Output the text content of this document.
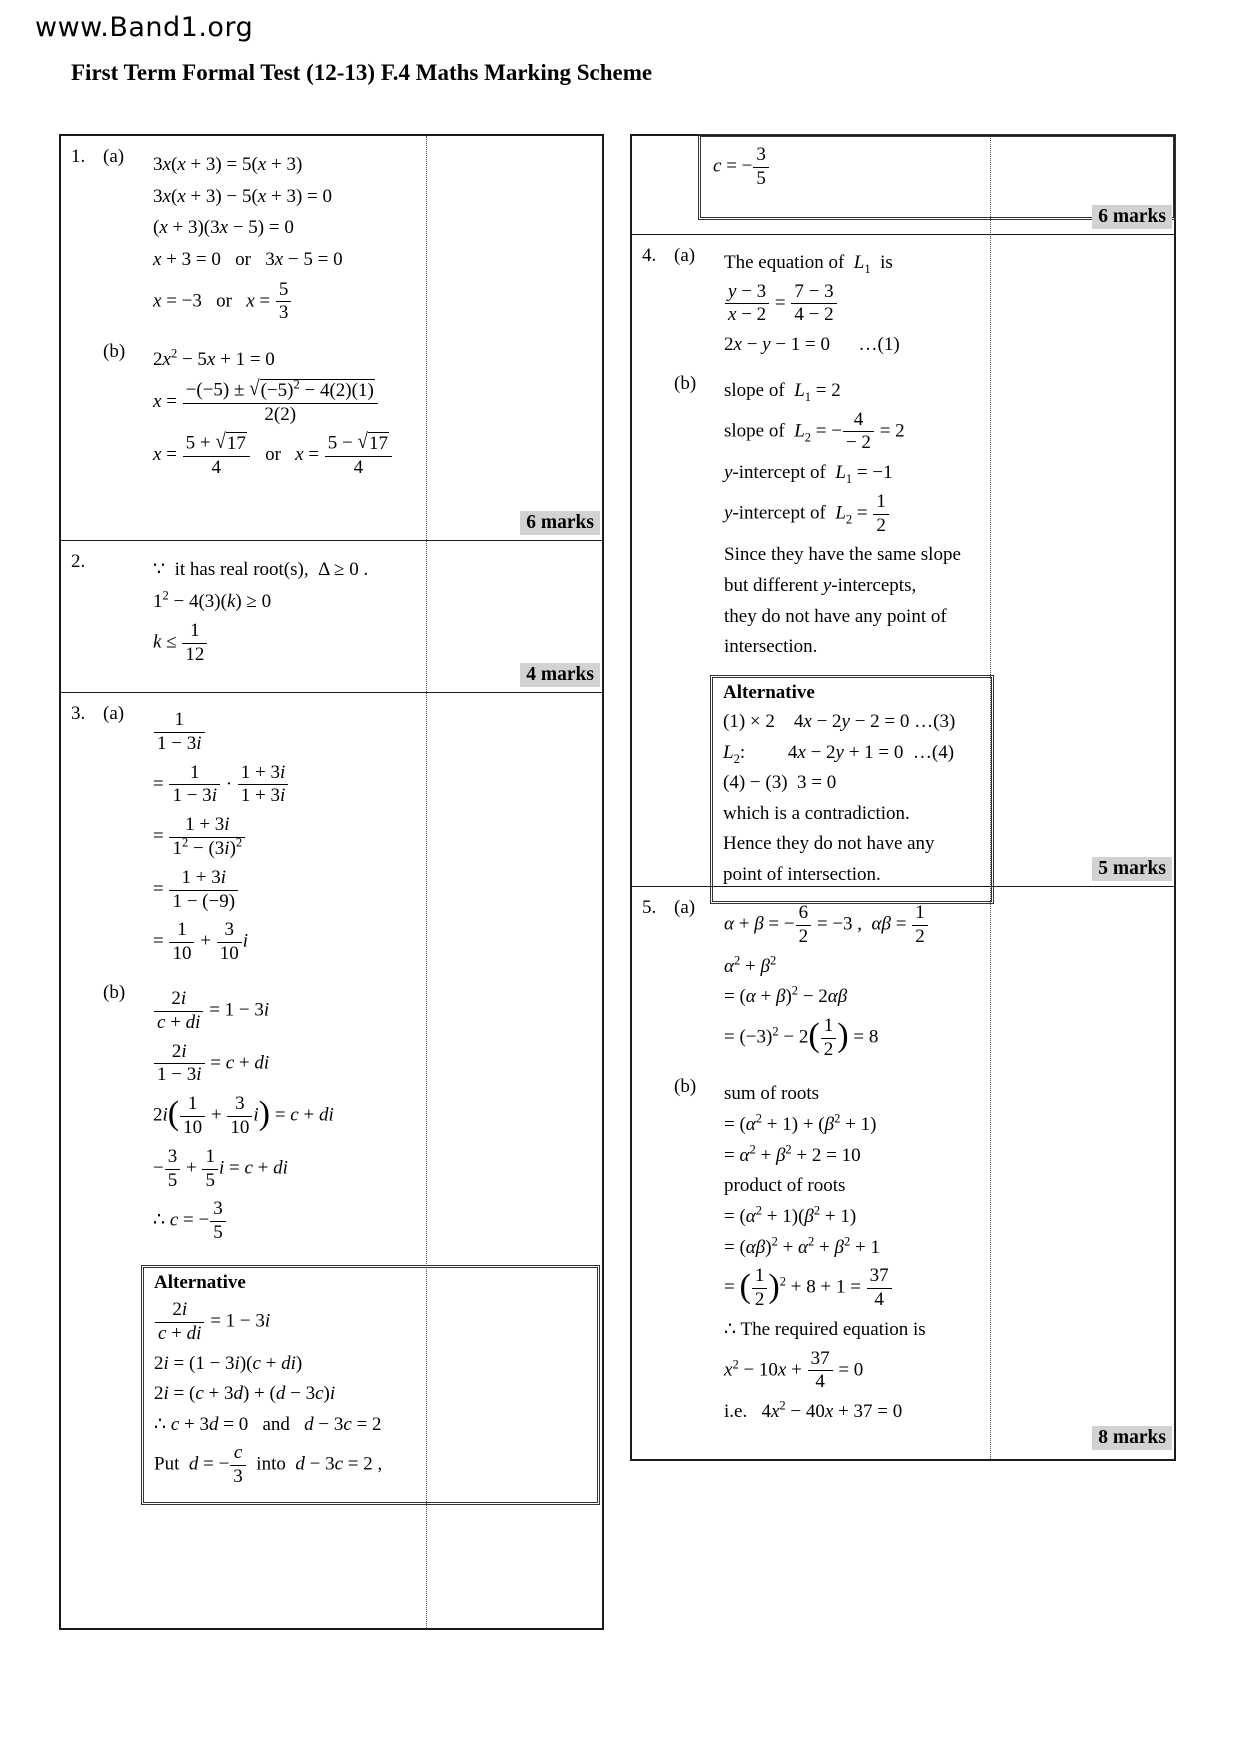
www.Band1.org
First Term Formal Test (12-13) F.4 Maths Marking Scheme
1. (a)	3x(x + 3) = 5(x + 3)
3x(x + 3) − 5(x + 3) = 0
(x + 3)(3x − 5) = 0
x + 3 = 0   or   3x − 5 = 0
x = −3   or   $x = \frac{5}{3}$
(b)	$2x^2 - 5x + 1 = 0$
$x = \frac{-(-5) \pm √(-5)^2 - 4(2)(1)}{2(2)}$
$x = \frac{5 + √17}{4}$ or   $x = \frac{5 - √17}{4}$
6 marks
2.	∵  it has real root(s),  Δ ≥ 0 .
$1^2 - 4(3)(k) \ge 0$
$k \le \frac{1}{12}$
4 marks
3. (a)	$\frac{1}{1 - 3i}$
= $\frac{1}{1 - 3i} \cdot \frac{1 + 3i}{1 + 3i}$
= $\frac{1 + 3i}{1^2 - (3i)^2}$
= $\frac{1 + 3i}{1 - (-9)}$
= $\frac{1}{10} + \frac{3}{10}$ i
(b)	$\frac{2i}{c + di} = 1 - 3i$
$\frac{2i}{1 - 3i} = c$ + di
$2i( \frac{1}{10} + \frac{3}{10} i) = c$ + di
− $\frac{3}{5} + \frac{1}{5}$ i = c + di
∴ c = − $\frac{3}{5}$
Alternative
$\frac{2i}{c + di} = 1 - 3i$
2i = (1 − 3i)(c + di)
2i = (c + 3d) + (d − 3c)i
∴ c + 3d = 0   and   d − 3c = 2
Put  d = − $\frac{c}{3}$ into  d − 3c = 2 ,
c = − $\frac{3}{5}$
6 marks
4. (a)	The equation of  $L_1$  is
$\frac{y - 3}{x - 2} = \frac{7 - 3}{4 - 2}$
2x − y − 1 = 0      …(1)
(b)	slope of  $L_1 = 2$
slope of  $L_2$ = − $\frac{4}{- 2} = 2$
y-intercept of  $L_1 = -1$
y-intercept of  $L_2 = \frac{1}{2}$
Since they have the same slope
but different y-intercepts,
they do not have any point of
intersection.
Alternative
(1) × 2    4x − 2y − 2 = 0 …(3)
$L_2$:         4x − 2y + 1 = 0  …(4)
(4) − (3)  3 = 0
which is a contradiction.
Hence they do not have any
point of intersection.	5 marks
5. (a)
α + β = − $\frac{6}{2} = -3$ ,  $\alpha\beta = \frac{1}{2}$
$\alpha^2 + \beta^2$
= $(\alpha + \beta)^2 - 2\alpha\beta$
= $(-3)^2 - 2( \frac{1}{2}$ ) = 8
(b)	sum of roots
= $(\alpha^2 + 1) + (\beta^2 + 1)$
= $\alpha^2 + \beta^2 + 2 = 10$
product of roots
= $(\alpha^2 + 1)(\beta^2 + 1)$
= $(\alpha\beta)^2 + \alpha^2 + \beta^2 + 1$
= ( $\frac{1}{2} )^2 + 8 + 1 = \frac{37}{4}$
∴ The required equation is
$x^2 - 10x + \frac{37}{4} = 0$
i.e.   $4x^2 - 40x + 37 = 0$
8 marks
